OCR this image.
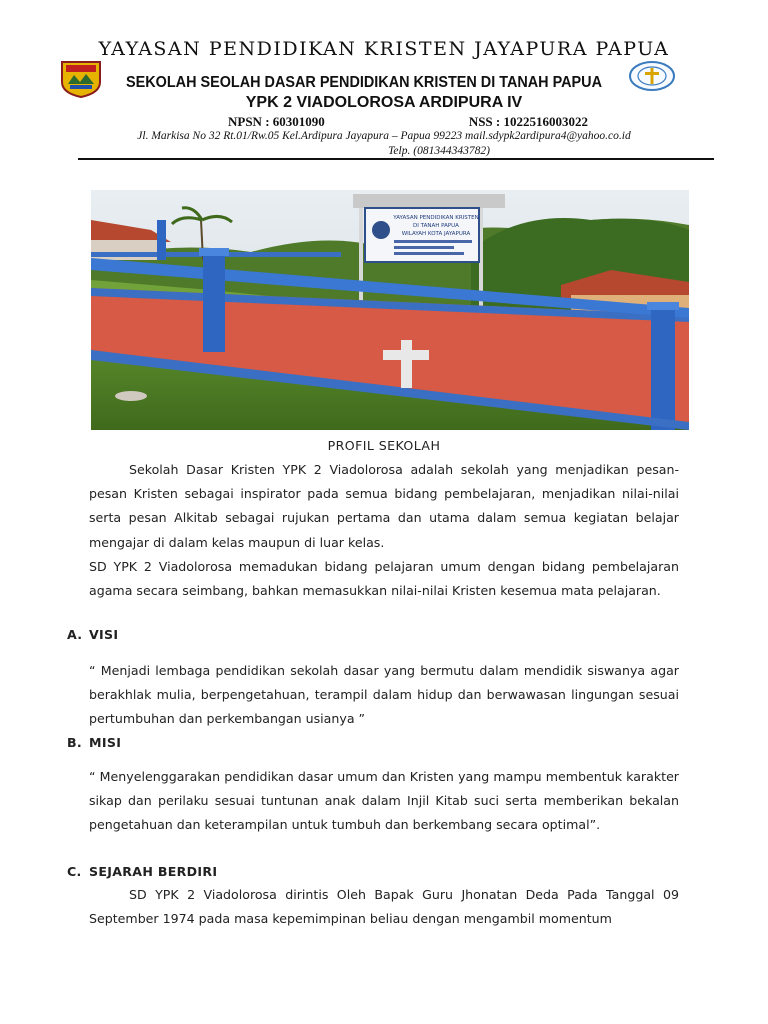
YAYASAN PENDIDIKAN KRISTEN JAYAPURA PAPUA
SEKOLAH SEOLAH DASAR PENDIDIKAN KRISTEN DI TANAH PAPUA
YPK 2 VIADOLOROSA ARDIPURA IV
NPSN : 60301090	NSS : 1022516003022
Jl. Markisa No 32 Rt.01/Rw.05 Kel.Ardipura Jayapura – Papua 99223 mail.sdypk2ardipura4@yahoo.co.id
Telp. (081344343782)
YAYASAN PENDIDIKAN KRISTEN
DI TANAH PAPUA
WILAYAH KOTA JAYAPURA
PROFIL SEKOLAH

Sekolah Dasar Kristen YPK 2 Viadolorosa adalah sekolah yang menjadikan pesan-pesan Kristen sebagai inspirator pada semua bidang pembelajaran, menjadikan nilai-nilai serta pesan Alkitab sebagai rujukan pertama dan utama dalam semua kegiatan belajar mengajar di dalam kelas maupun di luar kelas.

SD YPK 2 Viadolorosa memadukan bidang pelajaran umum dengan bidang pembelajaran agama secara seimbang, bahkan memasukkan nilai-nilai Kristen kesemua mata pelajaran.

A. VISI

“ Menjadi lembaga pendidikan sekolah dasar yang bermutu dalam mendidik siswanya agar berakhlak mulia, berpengetahuan, terampil dalam hidup dan berwawasan lingungan sesuai pertumbuhan dan perkembangan usianya ”

B. MISI

“ Menyelenggarakan pendidikan dasar umum dan Kristen yang mampu membentuk karakter sikap dan perilaku sesuai tuntunan anak dalam Injil Kitab suci serta memberikan bekalan pengetahuan dan keterampilan untuk tumbuh dan berkembang secara optimal”.

C. SEJARAH BERDIRI

SD YPK 2 Viadolorosa dirintis Oleh Bapak Guru Jhonatan Deda Pada Tanggal 09 September 1974 pada masa kepemimpinan beliau dengan mengambil momentum
